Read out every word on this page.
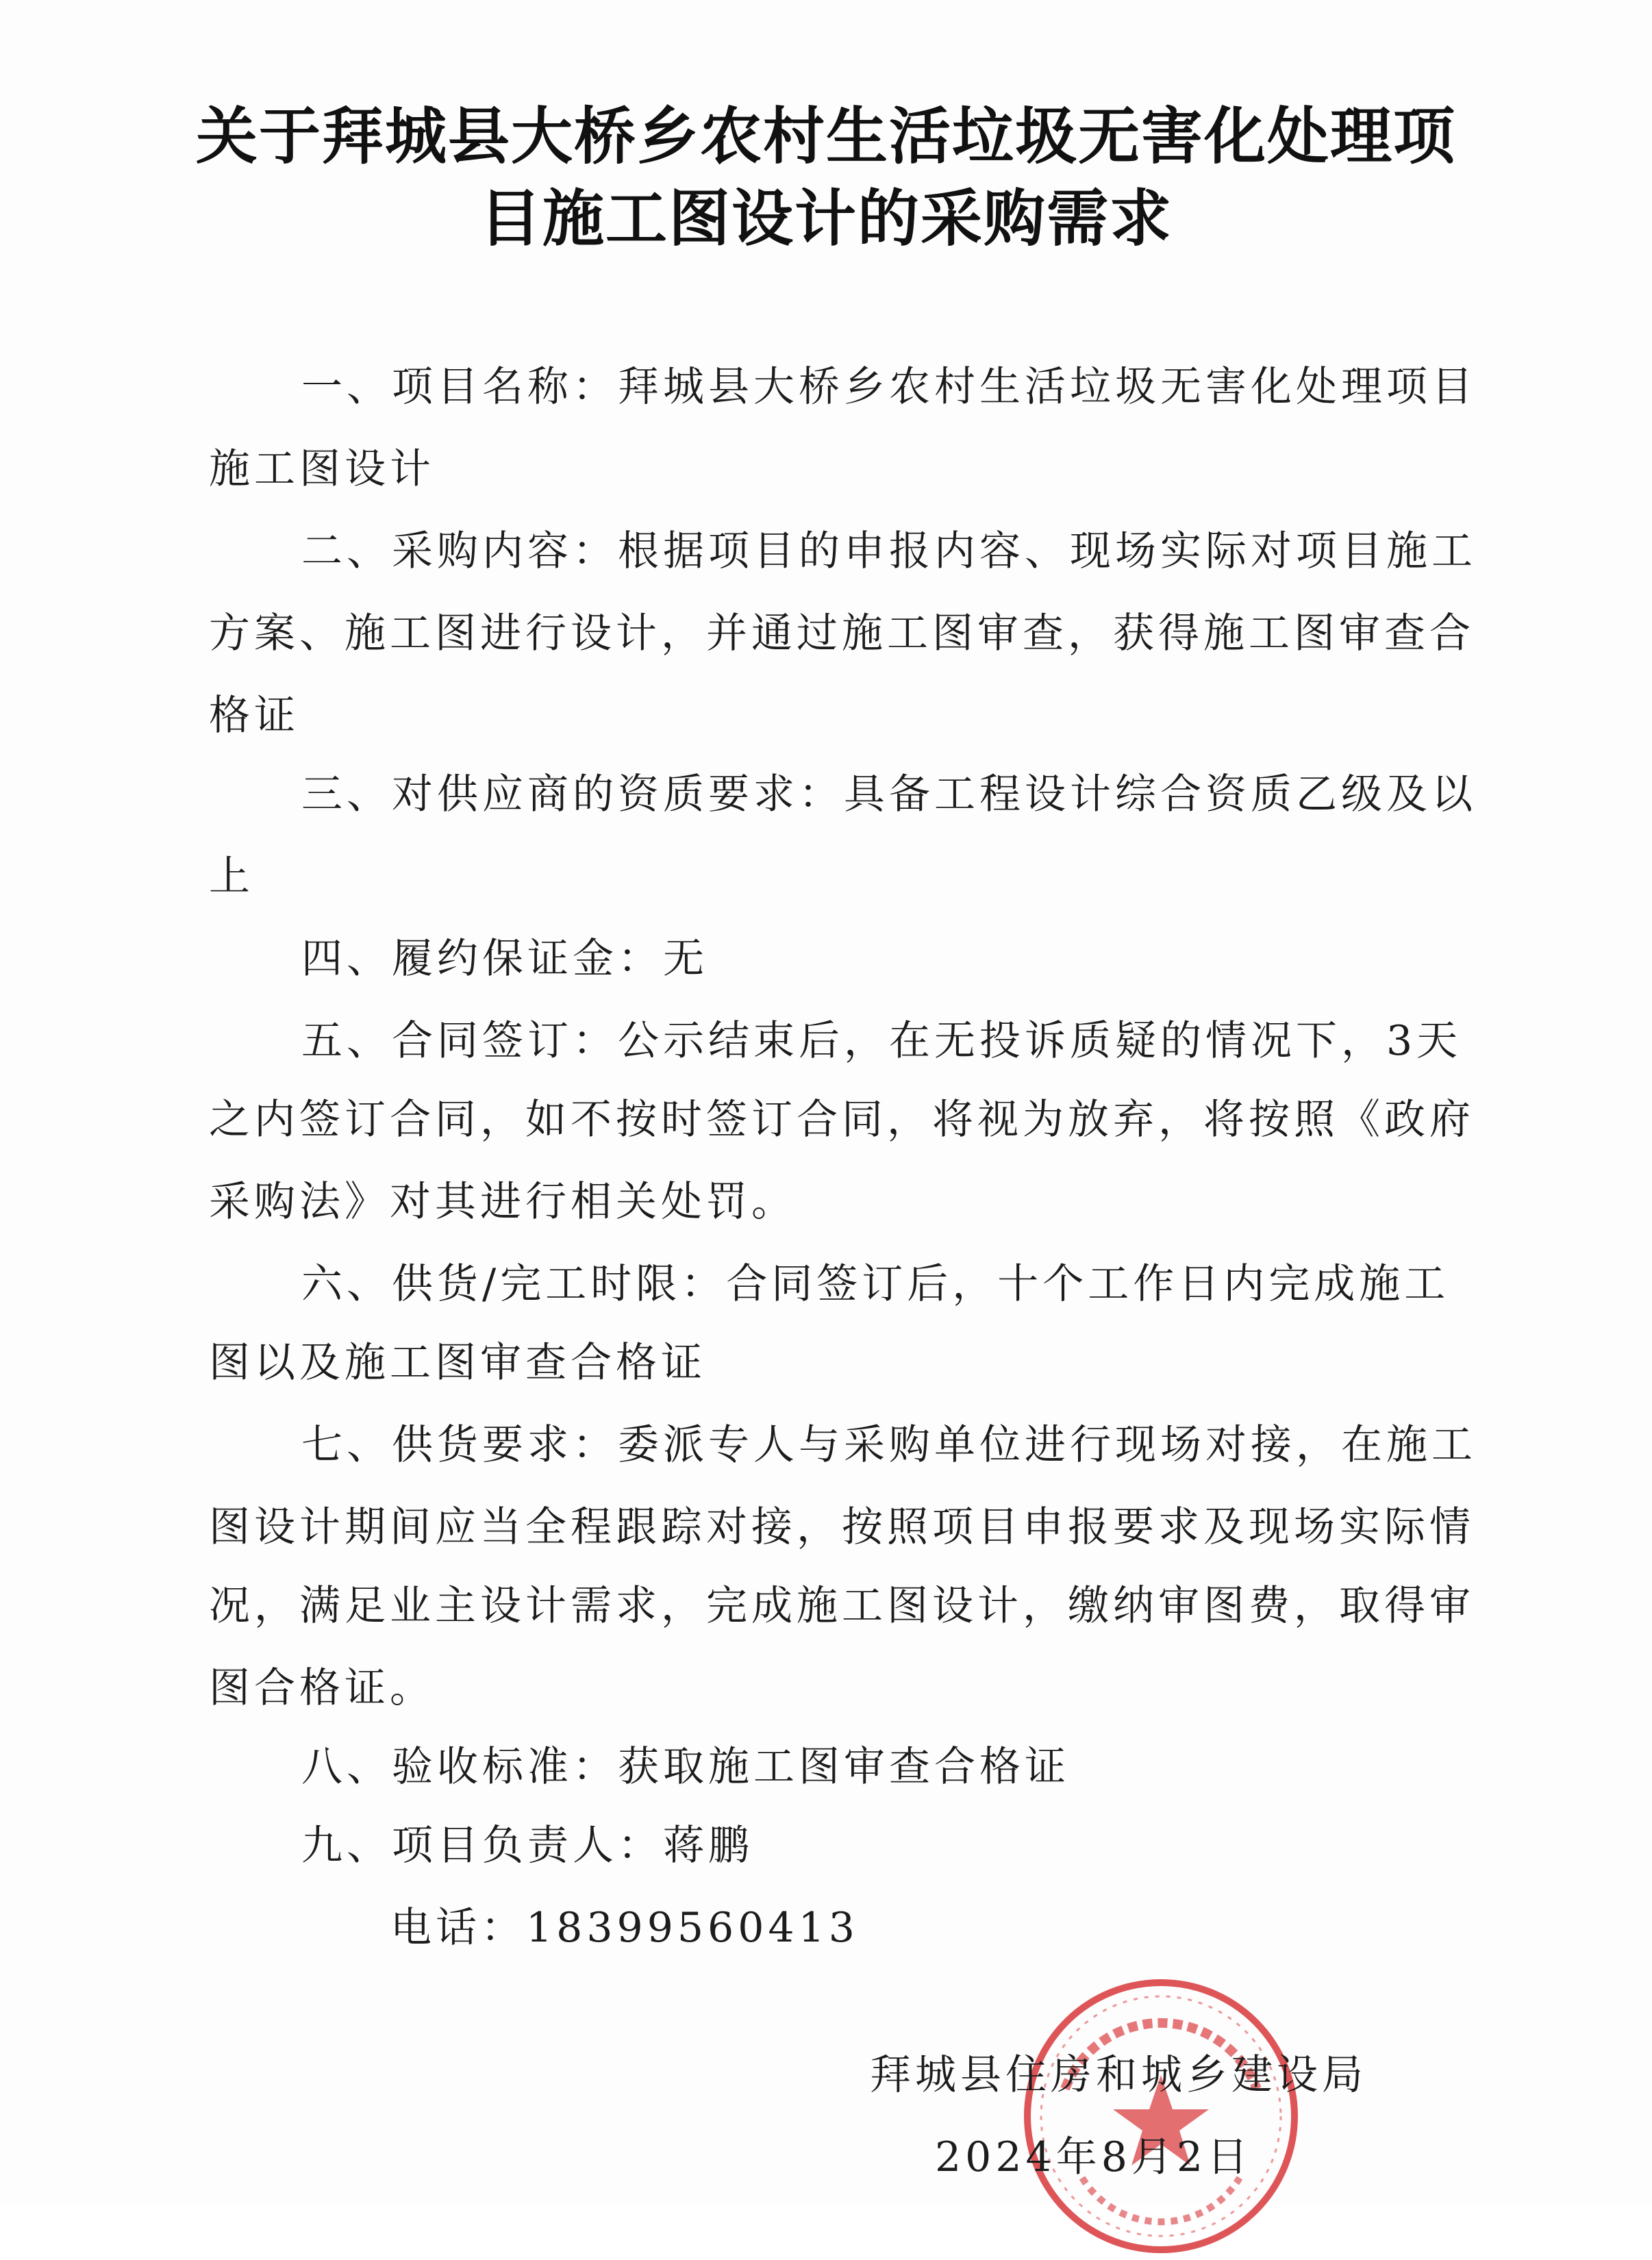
关于拜城县大桥乡农村生活垃圾无害化处理项
目施工图设计的采购需求

一、项目名称：拜城县大桥乡农村生活垃圾无害化处理项目

施工图设计

二、采购内容：根据项目的申报内容、现场实际对项目施工

方案、施工图进行设计，并通过施工图审查，获得施工图审查合

格证

三、对供应商的资质要求：具备工程设计综合资质乙级及以

上

四、履约保证金：无

五、合同签订：公示结束后，在无投诉质疑的情况下，3天

之内签订合同，如不按时签订合同，将视为放弃，将按照《政府

采购法》对其进行相关处罚。

六、供货/完工时限：合同签订后，十个工作日内完成施工

图以及施工图审查合格证

七、供货要求：委派专人与采购单位进行现场对接，在施工

图设计期间应当全程跟踪对接，按照项目申报要求及现场实际情

况，满足业主设计需求，完成施工图设计，缴纳审图费，取得审

图合格证。

八、验收标准：获取施工图审查合格证

九、项目负责人：蒋鹏

电话：18399560413

拜城县住房和城乡建设局
2024年8月2日
